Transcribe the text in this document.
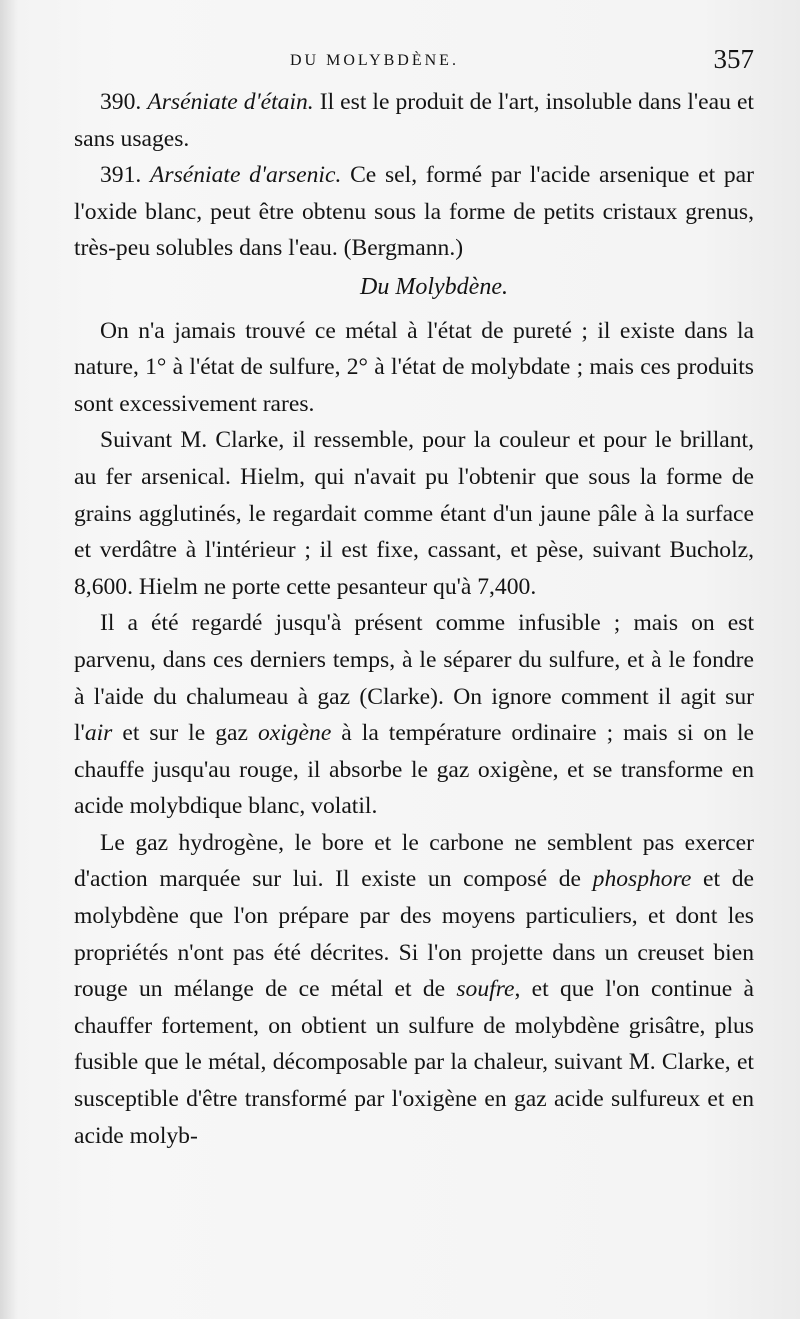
DU MOLYBDÈNE.	357

390. Arséniate d'étain. Il est le produit de l'art, insoluble dans l'eau et sans usages.

391. Arséniate d'arsenic. Ce sel, formé par l'acide arsenique et par l'oxide blanc, peut être obtenu sous la forme de petits cristaux grenus, très-peu solubles dans l'eau. (Bergmann.)

Du Molybdène.

On n'a jamais trouvé ce métal à l'état de pureté ; il existe dans la nature, 1° à l'état de sulfure, 2° à l'état de molybdate ; mais ces produits sont excessivement rares.

Suivant M. Clarke, il ressemble, pour la couleur et pour le brillant, au fer arsenical. Hielm, qui n'avait pu l'obtenir que sous la forme de grains agglutinés, le regardait comme étant d'un jaune pâle à la surface et verdâtre à l'intérieur ; il est fixe, cassant, et pèse, suivant Bucholz, 8,600. Hielm ne porte cette pesanteur qu'à 7,400.

Il a été regardé jusqu'à présent comme infusible ; mais on est parvenu, dans ces derniers temps, à le séparer du sulfure, et à le fondre à l'aide du chalumeau à gaz (Clarke). On ignore comment il agit sur l'air et sur le gaz oxigène à la température ordinaire ; mais si on le chauffe jusqu'au rouge, il absorbe le gaz oxigène, et se transforme en acide molybdique blanc, volatil.

Le gaz hydrogène, le bore et le carbone ne semblent pas exercer d'action marquée sur lui. Il existe un composé de phosphore et de molybdène que l'on prépare par des moyens particuliers, et dont les propriétés n'ont pas été décrites. Si l'on projette dans un creuset bien rouge un mélange de ce métal et de soufre, et que l'on continue à chauffer fortement, on obtient un sulfure de molybdène grisâtre, plus fusible que le métal, décomposable par la chaleur, suivant M. Clarke, et susceptible d'être transformé par l'oxigène en gaz acide sulfureux et en acide molyb-
